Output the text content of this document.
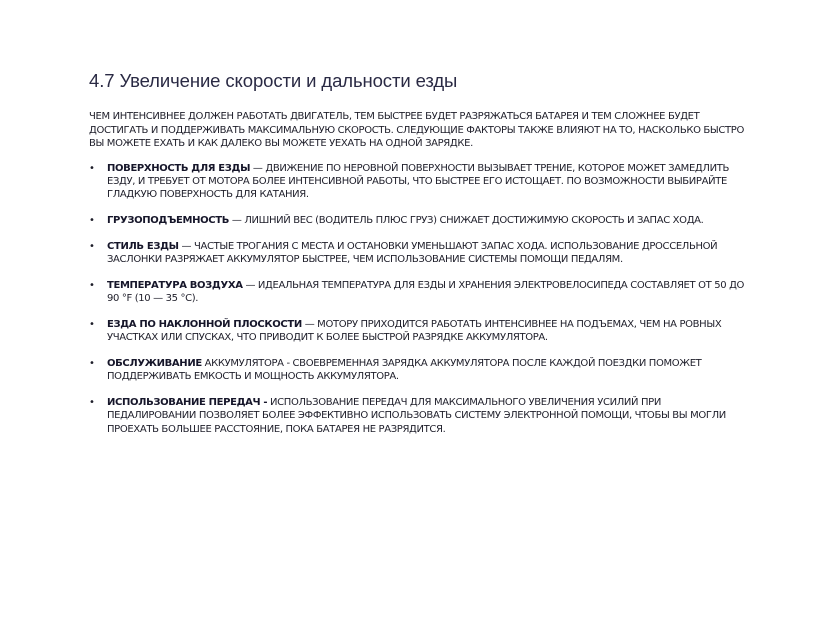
4.7 Увеличение скорости и дальности езды

ЧЕМ ИНТЕНСИВНЕЕ ДОЛЖЕН РАБОТАТЬ ДВИГАТЕЛЬ, ТЕМ БЫСТРЕЕ БУДЕТ РАЗРЯЖАТЬСЯ БАТАРЕЯ И ТЕМ СЛОЖНЕЕ БУДЕТ ДОСТИГАТЬ И ПОДДЕРЖИВАТЬ МАКСИМАЛЬНУЮ СКОРОСТЬ. СЛЕДУЮЩИЕ ФАКТОРЫ ТАКЖЕ ВЛИЯЮТ НА ТО, НАСКОЛЬКО БЫСТРО ВЫ МОЖЕТЕ ЕХАТЬ И КАК ДАЛЕКО ВЫ МОЖЕТЕ УЕХАТЬ НА ОДНОЙ ЗАРЯДКЕ.

• ПОВЕРХНОСТЬ ДЛЯ ЕЗДЫ — ДВИЖЕНИЕ ПО НЕРОВНОЙ ПОВЕРХНОСТИ ВЫЗЫВАЕТ ТРЕНИЕ, КОТОРОЕ МОЖЕТ ЗАМЕДЛИТЬ ЕЗДУ, И ТРЕБУЕТ ОТ МОТОРА БОЛЕЕ ИНТЕНСИВНОЙ РАБОТЫ, ЧТО БЫСТРЕЕ ЕГО ИСТОЩАЕТ. ПО ВОЗМОЖНОСТИ ВЫБИРАЙТЕ ГЛАДКУЮ ПОВЕРХНОСТЬ ДЛЯ КАТАНИЯ.
• ГРУЗОПОДЪЕМНОСТЬ — ЛИШНИЙ ВЕС (ВОДИТЕЛЬ ПЛЮС ГРУЗ) СНИЖАЕТ ДОСТИЖИМУЮ СКОРОСТЬ И ЗАПАС ХОДА.
• СТИЛЬ ЕЗДЫ — ЧАСТЫЕ ТРОГАНИЯ С МЕСТА И ОСТАНОВКИ УМЕНЬШАЮТ ЗАПАС ХОДА. ИСПОЛЬЗОВАНИЕ ДРОССЕЛЬНОЙ ЗАСЛОНКИ РАЗРЯЖАЕТ АККУМУЛЯТОР БЫСТРЕЕ, ЧЕМ ИСПОЛЬЗОВАНИЕ СИСТЕМЫ ПОМОЩИ ПЕДАЛЯМ.
• ТЕМПЕРАТУРА ВОЗДУХА — ИДЕАЛЬНАЯ ТЕМПЕРАТУРА ДЛЯ ЕЗДЫ И ХРАНЕНИЯ ЭЛЕКТРОВЕЛОСИПЕДА СОСТАВЛЯЕТ ОТ 50 ДО 90 °F (10 — 35 °C).
• ЕЗДА ПО НАКЛОННОЙ ПЛОСКОСТИ — МОТОРУ ПРИХОДИТСЯ РАБОТАТЬ ИНТЕНСИВНЕЕ НА ПОДЪЕМАХ, ЧЕМ НА РОВНЫХ УЧАСТКАХ ИЛИ СПУСКАХ, ЧТО ПРИВОДИТ К БОЛЕЕ БЫСТРОЙ РАЗРЯДКЕ АККУМУЛЯТОРА.
• ОБСЛУЖИВАНИЕ АККУМУЛЯТОРА - СВОЕВРЕМЕННАЯ ЗАРЯДКА АККУМУЛЯТОРА ПОСЛЕ КАЖДОЙ ПОЕЗДКИ ПОМОЖЕТ ПОДДЕРЖИВАТЬ ЕМКОСТЬ И МОЩНОСТЬ АККУМУЛЯТОРА.
• ИСПОЛЬЗОВАНИЕ ПЕРЕДАЧ - ИСПОЛЬЗОВАНИЕ ПЕРЕДАЧ ДЛЯ МАКСИМАЛЬНОГО УВЕЛИЧЕНИЯ УСИЛИЙ ПРИ ПЕДАЛИРОВАНИИ ПОЗВОЛЯЕТ БОЛЕЕ ЭФФЕКТИВНО ИСПОЛЬЗОВАТЬ СИСТЕМУ ЭЛЕКТРОННОЙ ПОМОЩИ, ЧТОБЫ ВЫ МОГЛИ ПРОЕХАТЬ БОЛЬШЕЕ РАССТОЯНИЕ, ПОКА БАТАРЕЯ НЕ РАЗРЯДИТСЯ.
